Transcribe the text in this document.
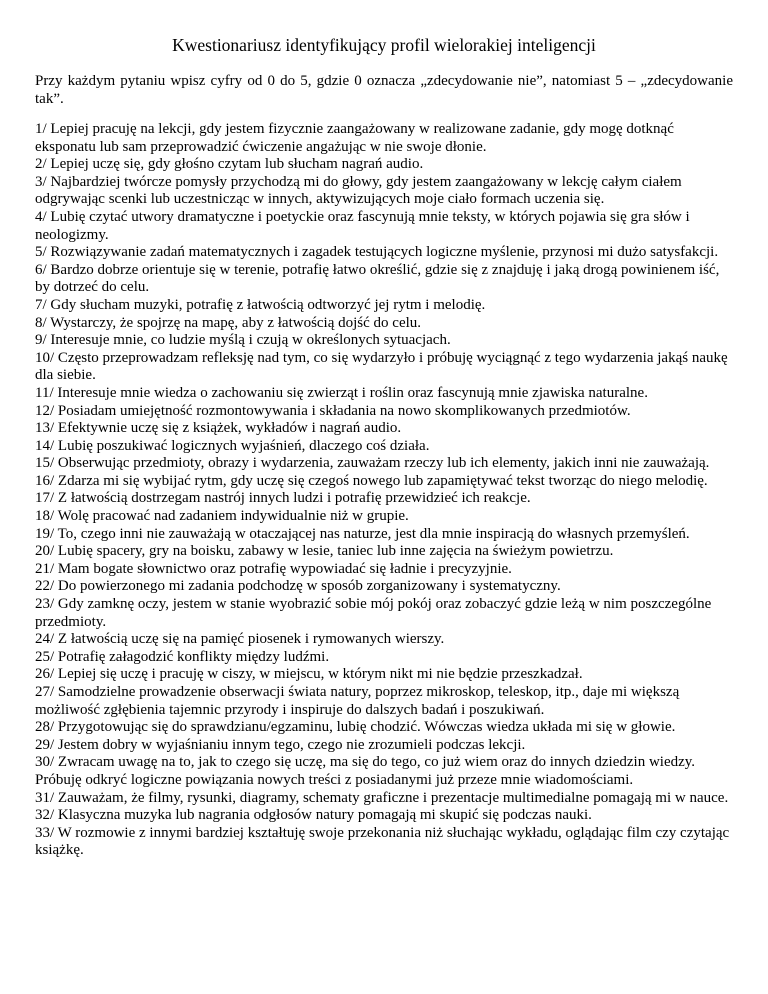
Kwestionariusz identyfikujący profil wielorakiej inteligencji

Przy każdym pytaniu wpisz cyfry od 0 do 5, gdzie 0 oznacza „zdecydowanie nie”, natomiast 5 – „zdecydowanie tak”.

1/ Lepiej pracuję na lekcji, gdy jestem fizycznie zaangażowany w realizowane zadanie, gdy mogę dotknąć eksponatu lub sam przeprowadzić ćwiczenie angażując w nie swoje dłonie.
2/ Lepiej uczę się, gdy głośno czytam lub słucham nagrań audio.
3/ Najbardziej twórcze pomysły przychodzą mi do głowy, gdy jestem zaangażowany w lekcję całym ciałem odgrywając scenki lub uczestnicząc w innych, aktywizujących moje ciało formach uczenia się.
4/ Lubię czytać utwory dramatyczne i poetyckie oraz fascynują mnie teksty, w których pojawia się gra słów i neologizmy.
5/ Rozwiązywanie zadań matematycznych i zagadek testujących logiczne myślenie, przynosi mi dużo satysfakcji.
6/ Bardzo dobrze orientuje się w terenie, potrafię łatwo określić, gdzie się z znajduję i jaką drogą powinienem iść, by dotrzeć do celu.
7/ Gdy słucham muzyki, potrafię z łatwością odtworzyć jej rytm i melodię.
8/ Wystarczy, że spojrzę na mapę, aby z łatwością dojść do celu.
9/ Interesuje mnie, co ludzie myślą i czują w określonych sytuacjach.
10/ Często przeprowadzam refleksję nad tym, co się wydarzyło i próbuję wyciągnąć z tego wydarzenia jakąś naukę dla siebie.
11/ Interesuje mnie wiedza o zachowaniu się zwierząt i roślin oraz fascynują mnie zjawiska naturalne.
12/ Posiadam umiejętność rozmontowywania i składania na nowo skomplikowanych przedmiotów.
13/ Efektywnie uczę się z książek, wykładów i nagrań audio.
14/ Lubię poszukiwać logicznych wyjaśnień, dlaczego coś działa.
15/ Obserwując przedmioty, obrazy i wydarzenia, zauważam rzeczy lub ich elementy, jakich inni nie zauważają.
16/ Zdarza mi się wybijać rytm, gdy uczę się czegoś nowego lub zapamiętywać tekst tworząc do niego melodię.
17/ Z łatwością dostrzegam nastrój innych ludzi i potrafię przewidzieć ich reakcje.
18/ Wolę pracować nad zadaniem indywidualnie niż w grupie.
19/ To, czego inni nie zauważają w otaczającej nas naturze, jest dla mnie inspiracją do własnych przemyśleń.
20/ Lubię spacery, gry na boisku, zabawy w lesie, taniec lub inne zajęcia na świeżym powietrzu.
21/ Mam bogate słownictwo oraz potrafię wypowiadać się ładnie i precyzyjnie.
22/ Do powierzonego mi zadania podchodzę w sposób zorganizowany i systematyczny.
23/ Gdy zamknę oczy, jestem w stanie wyobrazić sobie mój pokój oraz zobaczyć gdzie leżą w nim poszczególne przedmioty.
24/ Z łatwością uczę się na pamięć piosenek i rymowanych wierszy.
25/ Potrafię załagodzić konflikty między ludźmi.
26/ Lepiej się uczę i pracuję w ciszy, w miejscu, w którym nikt mi nie będzie przeszkadzał.
27/ Samodzielne prowadzenie obserwacji świata natury, poprzez mikroskop, teleskop, itp., daje mi większą możliwość zgłębienia tajemnic przyrody i inspiruje do dalszych badań i poszukiwań.
28/ Przygotowując się do sprawdzianu/egzaminu, lubię chodzić. Wówczas wiedza układa mi się w głowie.
29/ Jestem dobry w wyjaśnianiu innym tego, czego nie zrozumieli podczas lekcji.
30/ Zwracam uwagę na to, jak to czego się uczę, ma się do tego, co już wiem oraz do innych dziedzin wiedzy. Próbuję odkryć logiczne powiązania nowych treści z posiadanymi już przeze mnie wiadomościami.
31/ Zauważam, że filmy, rysunki, diagramy, schematy graficzne i prezentacje multimedialne pomagają mi w nauce.
32/ Klasyczna muzyka lub nagrania odgłosów natury pomagają mi skupić się podczas nauki.
33/ W rozmowie z innymi bardziej kształtuję swoje przekonania niż słuchając wykładu, oglądając film czy czytając książkę.
